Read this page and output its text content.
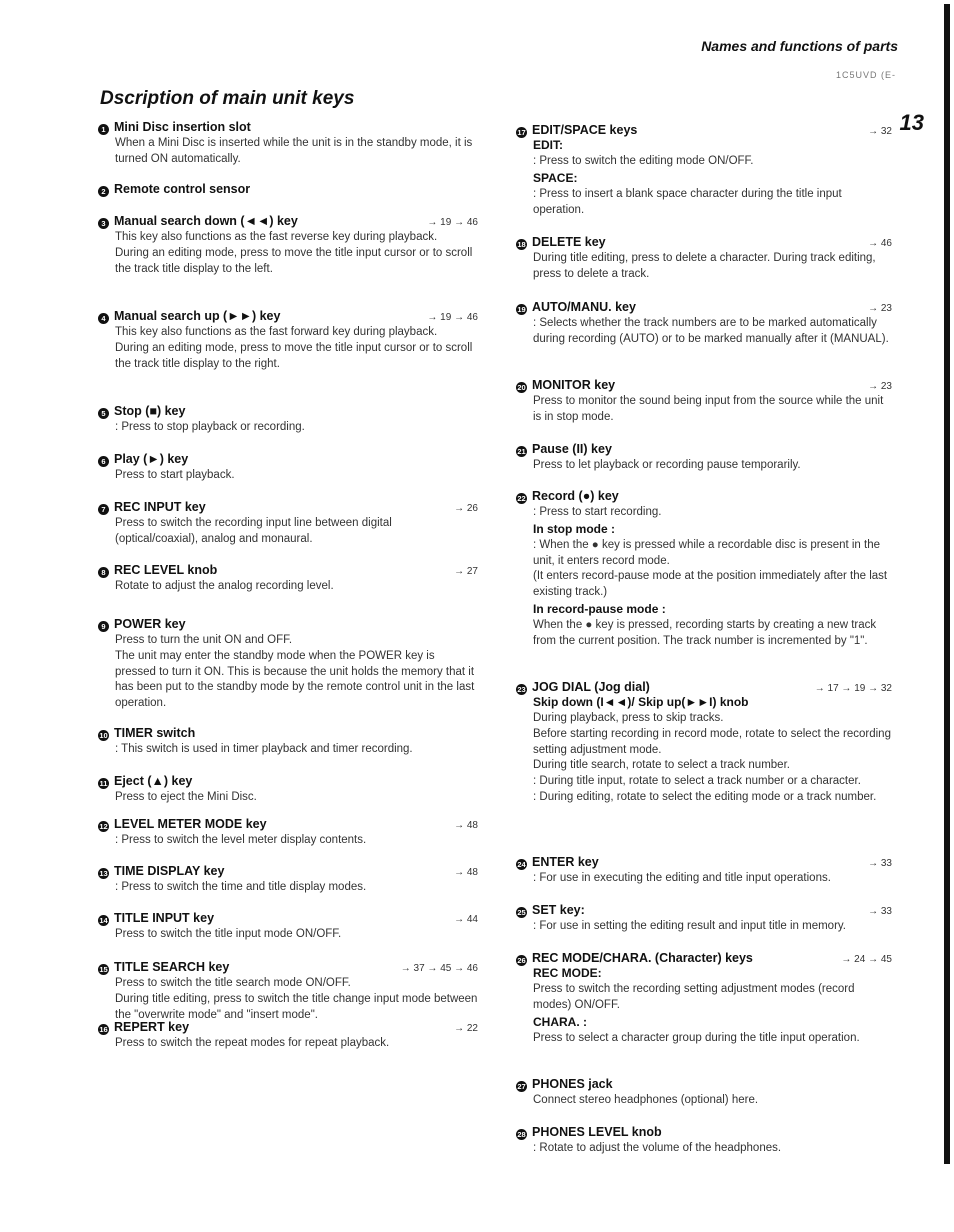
Names and functions of parts
1C5UVD (E-
13
Dscription of main unit keys
1 Mini Disc insertion slot

When a Mini Disc is inserted while the unit is in the standby mode, it is turned ON automatically.

2 Remote control sensor
3 Manual search down (◄◄) key	→ 19 → 46

This key also functions as the fast reverse key during playback.

During an editing mode, press to move the title input cursor or to scroll the track title display to the left.

4 Manual search up (►►) key	→ 19 → 46

This key also functions as the fast forward key during playback.

During an editing mode, press to move the title input cursor or to scroll the track title display to the right.

5 Stop (■) key

: Press to stop playback or recording.

6 Play (►) key

Press to start playback.

7 REC INPUT key	→ 26

Press to switch the recording input line between digital (optical/coaxial), analog and monaural.

8 REC LEVEL knob	→ 27

Rotate to adjust the analog recording level.

9 POWER key

Press to turn the unit ON and OFF.

The unit may enter the standby mode when the POWER key is pressed to turn it ON. This is because the unit holds the memory that it has been put to the standby mode by the remote control unit in the last operation.

10 TIMER switch

: This switch is used in timer playback and timer recording.

11 Eject (▲) key

Press to eject the Mini Disc.

12 LEVEL METER MODE key	→ 48

: Press to switch the level meter display contents.

13 TIME DISPLAY key	→ 48

: Press to switch the time and title display modes.

14 TITLE INPUT key	→ 44

Press to switch the title input mode ON/OFF.

15 TITLE SEARCH key	→ 37 → 45 → 46

Press to switch the title search mode ON/OFF.

During title editing, press to switch the title change input mode between the "overwrite mode" and "insert mode".

16 REPERT key	→ 22

Press to switch the repeat modes for repeat playback.

17 EDIT/SPACE keys	→ 32
EDIT:

: Press to switch the editing mode ON/OFF.

SPACE:

: Press to insert a blank space character during the title input operation.

18 DELETE key	→ 46

During title editing, press to delete a character. During track editing, press to delete a track.

19 AUTO/MANU. key	→ 23

: Selects whether the track numbers are to be marked automatically during recording (AUTO) or to be marked manually after it (MANUAL).

20 MONITOR key	→ 23

Press to monitor the sound being input from the source while the unit is in stop mode.

21 Pause (II) key

Press to let playback or recording pause temporarily.

22 Record (●) key

: Press to start recording.

In stop mode :

: When the ● key is pressed while a recordable disc is present in the unit, it enters record mode.

(It enters record-pause mode at the position immediately after the last existing track.)

In record-pause mode :

When the ● key is pressed, recording starts by creating a new track from the current position. The track number is incremented by "1".

23 JOG DIAL (Jog dial)	→ 17 → 19 → 32
Skip down (I◄◄)/ Skip up(►►I) knob

During playback, press to skip tracks.

Before starting recording in record mode, rotate to select the recording setting adjustment mode.

During title search, rotate to select a track number.

: During title input, rotate to select a track number or a character.

: During editing, rotate to select the editing mode or a track number.

24 ENTER key	→ 33

: For use in executing the editing and title input operations.

25 SET key:	→ 33

: For use in setting the editing result and input title in memory.

26 REC MODE/CHARA. (Character) keys	→ 24 → 45
REC MODE:

Press to switch the recording setting adjustment modes (record modes) ON/OFF.

CHARA. :

Press to select a character group during the title input operation.

27 PHONES jack

Connect stereo headphones (optional) here.

28 PHONES LEVEL knob

: Rotate to adjust the volume of the headphones.
